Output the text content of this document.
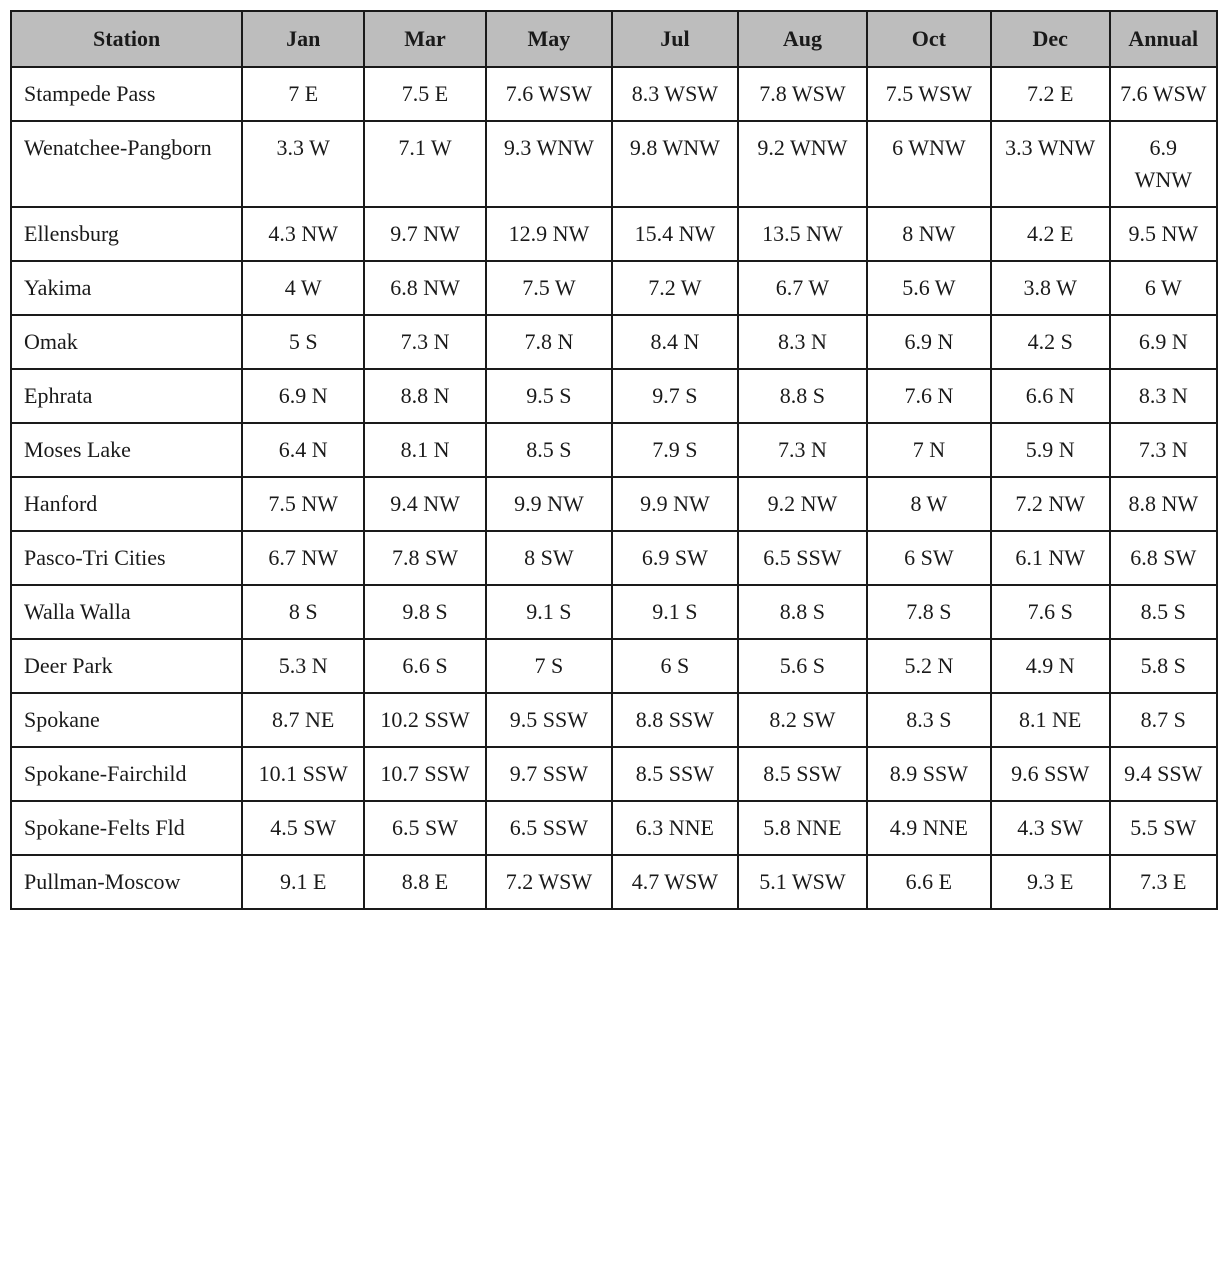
Station	Jan	Mar	May	Jul	Aug	Oct	Dec	Annual
Stampede Pass	7 E	7.5 E	7.6 WSW	8.3 WSW	7.8 WSW	7.5 WSW	7.2 E	7.6 WSW
Wenatchee-Pangborn	3.3 W	7.1 W	9.3 WNW	9.8 WNW	9.2 WNW	6 WNW	3.3 WNW	6.9 WNW
Ellensburg	4.3 NW	9.7 NW	12.9 NW	15.4 NW	13.5 NW	8 NW	4.2 E	9.5 NW
Yakima	4 W	6.8 NW	7.5 W	7.2 W	6.7 W	5.6 W	3.8 W	6 W
Omak	5 S	7.3 N	7.8 N	8.4 N	8.3 N	6.9 N	4.2 S	6.9 N
Ephrata	6.9 N	8.8 N	9.5 S	9.7 S	8.8 S	7.6 N	6.6 N	8.3 N
Moses Lake	6.4 N	8.1 N	8.5 S	7.9 S	7.3 N	7 N	5.9 N	7.3 N
Hanford	7.5 NW	9.4 NW	9.9 NW	9.9 NW	9.2 NW	8 W	7.2 NW	8.8 NW
Pasco-Tri Cities	6.7 NW	7.8 SW	8 SW	6.9 SW	6.5 SSW	6 SW	6.1 NW	6.8 SW
Walla Walla	8 S	9.8 S	9.1 S	9.1 S	8.8 S	7.8 S	7.6 S	8.5 S
Deer Park	5.3 N	6.6 S	7 S	6 S	5.6 S	5.2 N	4.9 N	5.8 S
Spokane	8.7 NE	10.2 SSW	9.5 SSW	8.8 SSW	8.2 SW	8.3 S	8.1 NE	8.7 S
Spokane-Fairchild	10.1 SSW	10.7 SSW	9.7 SSW	8.5 SSW	8.5 SSW	8.9 SSW	9.6 SSW	9.4 SSW
Spokane-Felts Fld	4.5 SW	6.5 SW	6.5 SSW	6.3 NNE	5.8 NNE	4.9 NNE	4.3 SW	5.5 SW
Pullman-Moscow	9.1 E	8.8 E	7.2 WSW	4.7 WSW	5.1 WSW	6.6 E	9.3 E	7.3 E
